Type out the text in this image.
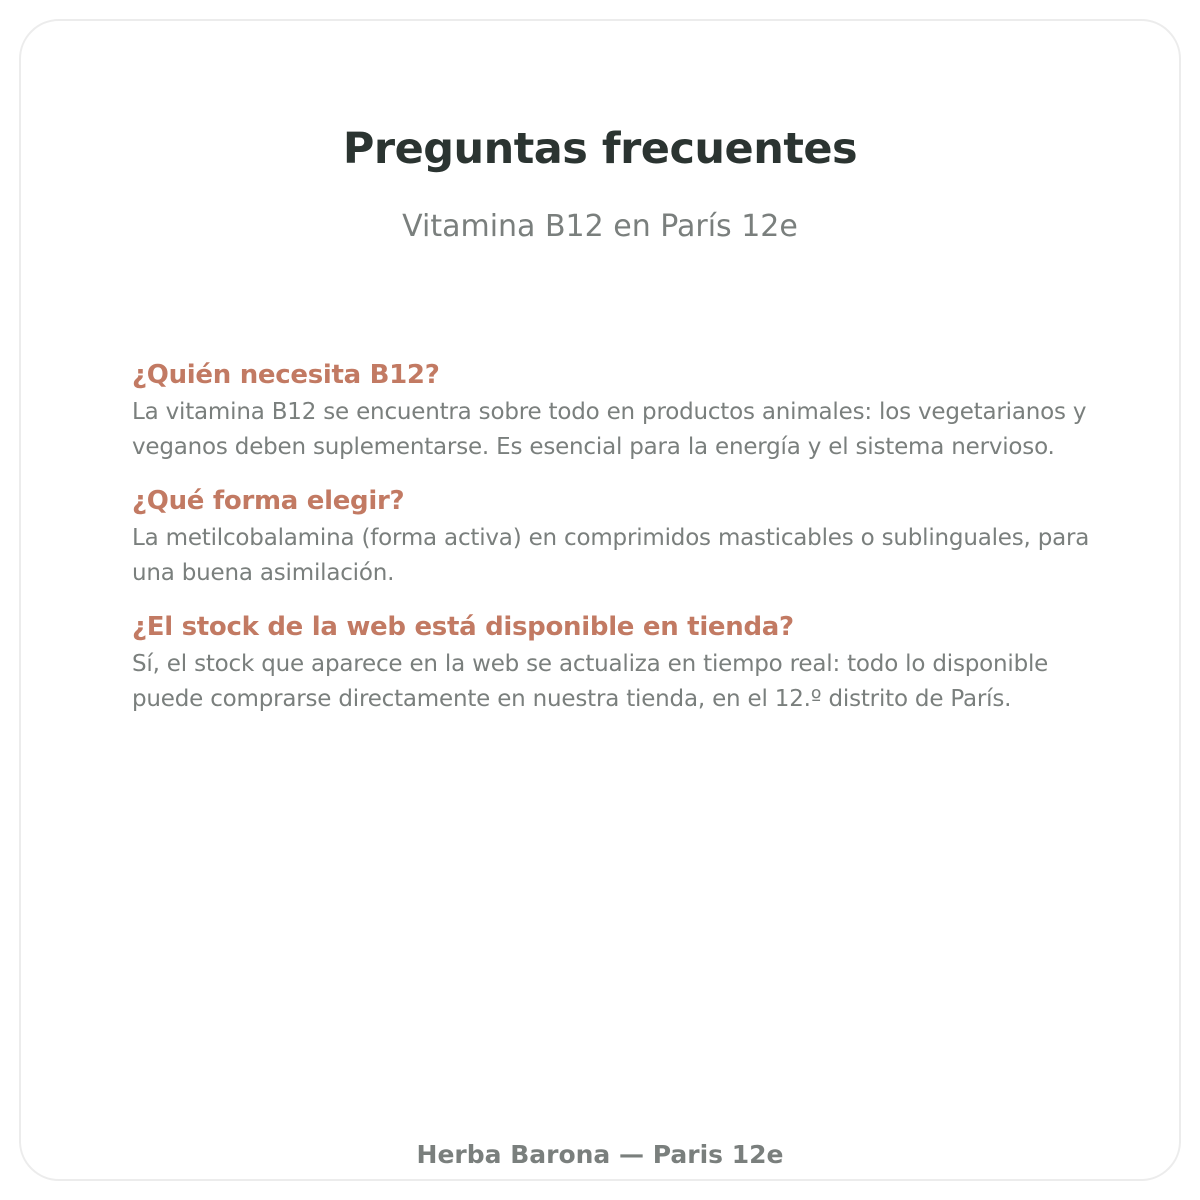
Preguntas frecuentes
Vitamina B12 en París 12e
¿Quién necesita B12?
La vitamina B12 se encuentra sobre todo en productos animales: los vegetarianos y veganos deben suplementarse. Es esencial para la energía y el sistema nervioso.
¿Qué forma elegir?
La metilcobalamina (forma activa) en comprimidos masticables o sublinguales, para una buena asimilación.
¿El stock de la web está disponible en tienda?
Sí, el stock que aparece en la web se actualiza en tiempo real: todo lo disponible puede comprarse directamente en nuestra tienda, en el 12.º distrito de París.
Herba Barona — Paris 12e
